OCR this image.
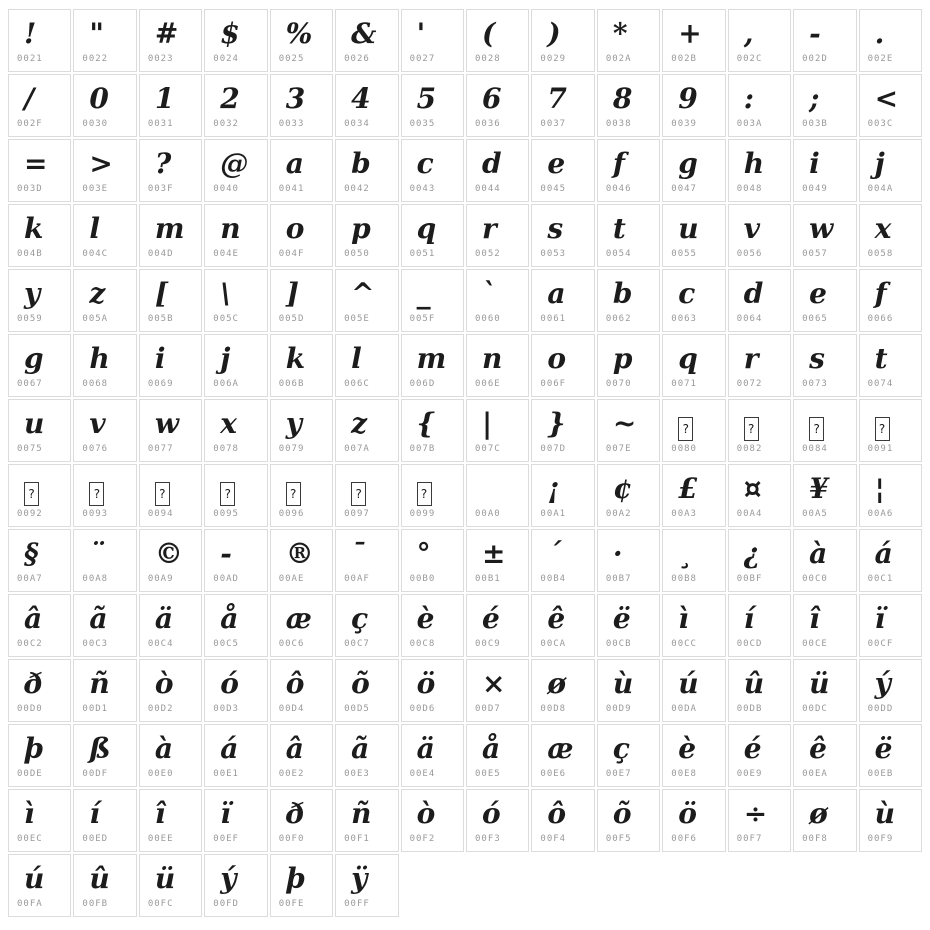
!
0021
"
0022
#
0023
$
0024
%
0025
&
0026
'
0027
(
0028
)
0029
*
002A
+
002B
,
002C
-
002D
.
002E
/
002F
0
0030
1
0031
2
0032
3
0033
4
0034
5
0035
6
0036
7
0037
8
0038
9
0039
:
003A
;
003B
<
003C
=
003D
>
003E
?
003F
@
0040
a
0041
b
0042
c
0043
d
0044
e
0045
f
0046
g
0047
h
0048
i
0049
j
004A
k
004B
l
004C
m
004D
n
004E
o
004F
p
0050
q
0051
r
0052
s
0053
t
0054
u
0055
v
0056
w
0057
x
0058
y
0059
z
005A
[
005B
\
005C
]
005D
^
005E
_
005F
`
0060
a
0061
b
0062
c
0063
d
0064
e
0065
f
0066
g
0067
h
0068
i
0069
j
006A
k
006B
l
006C
m
006D
n
006E
o
006F
p
0070
q
0071
r
0072
s
0073
t
0074
u
0075
v
0076
w
0077
x
0078
y
0079
z
007A
{
007B
|
007C
}
007D
~
007E
?
0080
?
0082
?
0084
?
0091
?
0092
?
0093
?
0094
?
0095
?
0096
?
0097
?
0099	00A0
¡
00A1
¢
00A2
£
00A3
¤
00A4
¥
00A5
¦
00A6
§
00A7
¨
00A8
©
00A9
-
00AD
®
00AE
¯
00AF
°
00B0
±
00B1
´
00B4
·
00B7
¸
00B8
¿
00BF
à
00C0
á
00C1
â
00C2
ã
00C3
ä
00C4
å
00C5
æ
00C6
ç
00C7
è
00C8
é
00C9
ê
00CA
ë
00CB
ì
00CC
í
00CD
î
00CE
ï
00CF
ð
00D0
ñ
00D1
ò
00D2
ó
00D3
ô
00D4
õ
00D5
ö
00D6
×
00D7
ø
00D8
ù
00D9
ú
00DA
û
00DB
ü
00DC
ý
00DD
þ
00DE
ß
00DF
à
00E0
á
00E1
â
00E2
ã
00E3
ä
00E4
å
00E5
æ
00E6
ç
00E7
è
00E8
é
00E9
ê
00EA
ë
00EB
ì
00EC
í
00ED
î
00EE
ï
00EF
ð
00F0
ñ
00F1
ò
00F2
ó
00F3
ô
00F4
õ
00F5
ö
00F6
÷
00F7
ø
00F8
ù
00F9
ú
00FA
û
00FB
ü
00FC
ý
00FD
þ
00FE
ÿ
00FF
